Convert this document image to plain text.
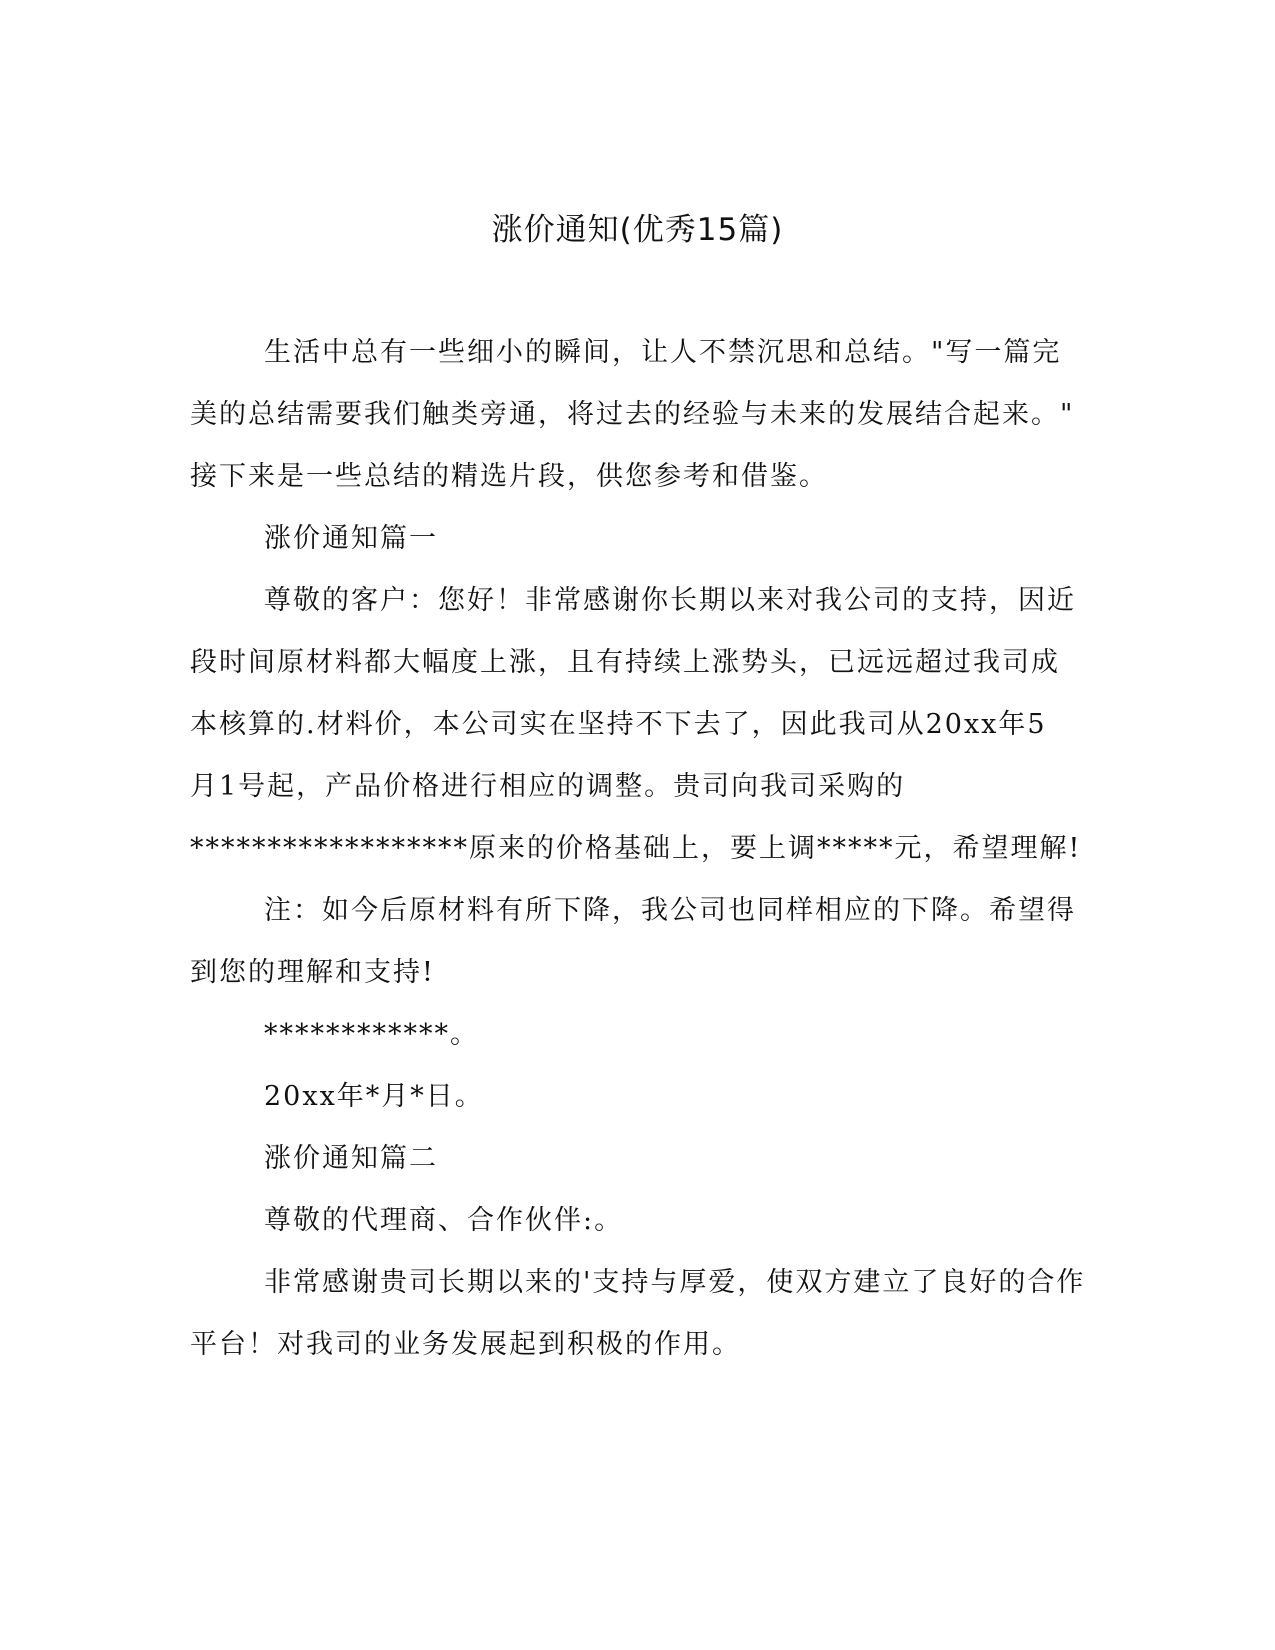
涨价通知(优秀15篇)
生活中总有一些细小的瞬间，让人不禁沉思和总结。"写一篇完
美的总结需要我们触类旁通，将过去的经验与未来的发展结合起来。"
接下来是一些总结的精选片段，供您参考和借鉴。
涨价通知篇一
尊敬的客户：您好！非常感谢你长期以来对我公司的支持，因近
段时间原材料都大幅度上涨，且有持续上涨势头，已远远超过我司成
本核算的.材料价，本公司实在坚持不下去了，因此我司从20xx年5
月1号起，产品价格进行相应的调整。贵司向我司采购的
******************原来的价格基础上，要上调*****元，希望理解!
注：如今后原材料有所下降，我公司也同样相应的下降。希望得
到您的理解和支持!
************。
20xx年*月*日。
涨价通知篇二
尊敬的代理商、合作伙伴:。
非常感谢贵司长期以来的'支持与厚爱，使双方建立了良好的合作
平台！对我司的业务发展起到积极的作用。
